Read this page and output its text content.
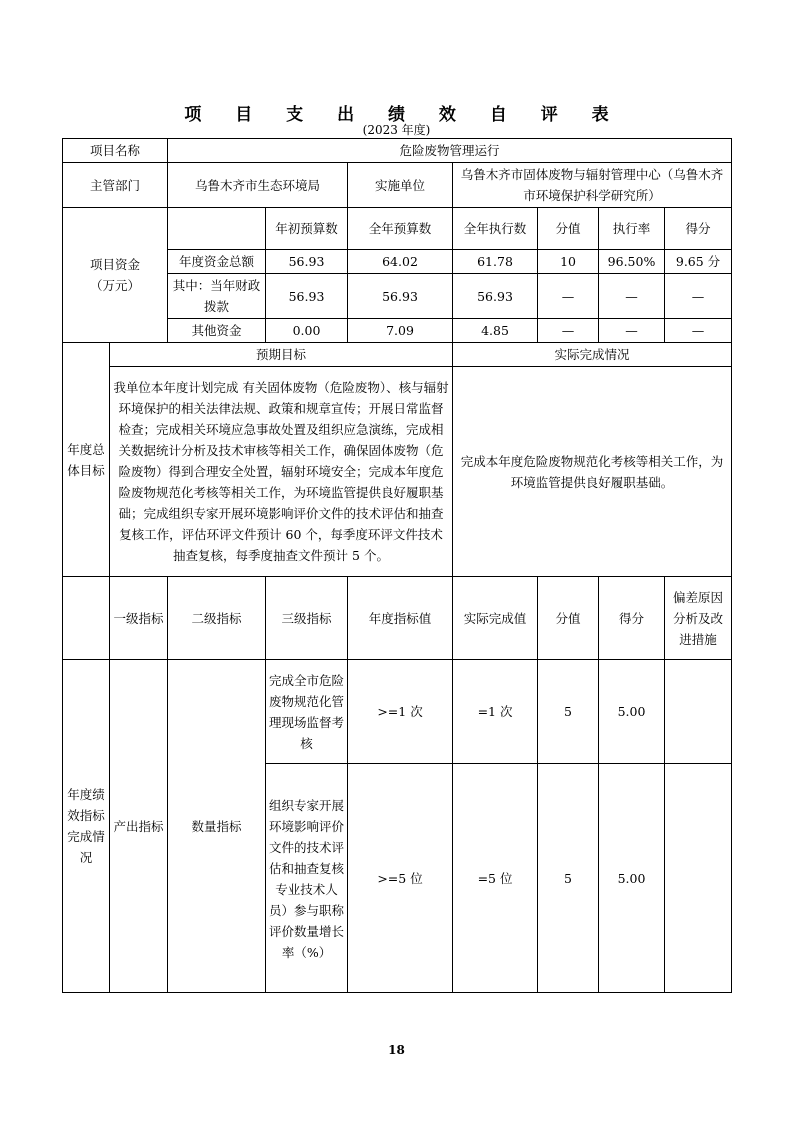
项 目 支 出 绩 效 自 评 表
(2023 年度)
项目名称		危险废物管理运行						
主管部门		乌鲁木齐市生态环境局		实施单位	乌鲁木齐市固体废物与辐射管理中心（乌鲁木齐市环境保护科学研究所）			
项目资金
（万元）			年初预算数	全年预算数	全年执行数	分值	执行率	得分
		年度资金总额	56.93	64.02	61.78	10	96.50%	9.65 分
		其中：当年财政拨款	56.93	56.93	56.93	—	—	—
		其他资金	0.00	7.09	4.85	—	—	—
年度总体目标	预期目标				实际完成情况			
	我单位本年度计划完成 有关固体废物（危险废物）、核与辐射环境保护的相关法律法规、政策和规章宣传；开展日常监督检查；完成相关环境应急事故处置及组织应急演练，完成相关数据统计分析及技术审核等相关工作，确保固体废物（危险废物）得到合理安全处置，辐射环境安全；完成本年度危险废物规范化考核等相关工作，为环境监管提供良好履职基础；完成组织专家开展环境影响评价文件的技术评估和抽查复核工作，评估环评文件预计 60 个，每季度环评文件技术抽查复核，每季度抽查文件预计 5 个。				完成本年度危险废物规范化考核等相关工作，为环境监管提供良好履职基础。			
	一级指标	二级指标	三级指标	年度指标值	实际完成值	分值	得分	偏差原因分析及改进措施
年度绩效指标完成情况	产出指标	数量指标	完成全市危险废物规范化管理现场监督考核	>=1 次	=1 次	5	5.00	
			组织专家开展环境影响评价文件的技术评估和抽查复核专业技术人员）参与职称评价数量增长率（%）	>=5 位	=5 位	5	5.00	
18
